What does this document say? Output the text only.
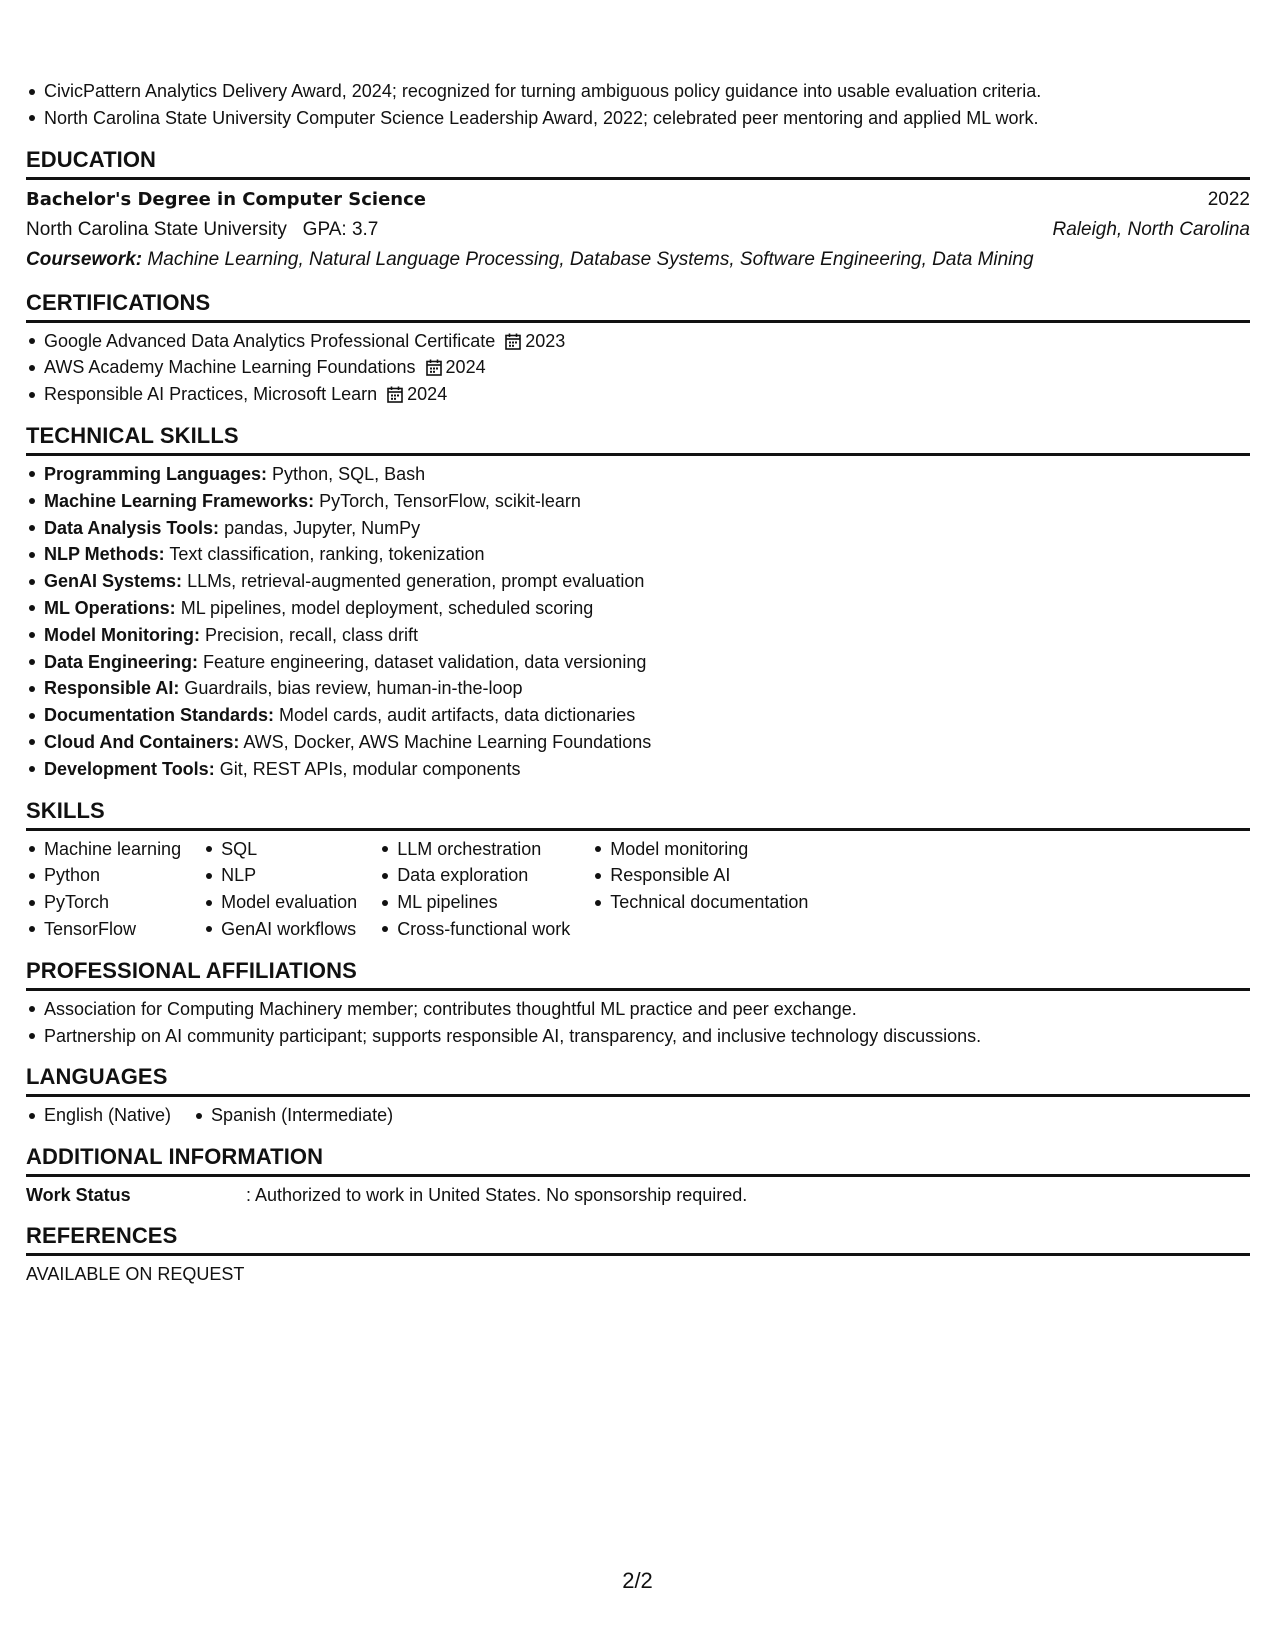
CivicPattern Analytics Delivery Award, 2024; recognized for turning ambiguous policy guidance into usable evaluation criteria.
North Carolina State University Computer Science Leadership Award, 2022; celebrated peer mentoring and applied ML work.
EDUCATION
Bachelor's Degree in Computer Science	2022
North Carolina State University GPA: 3.7	Raleigh, North Carolina
Coursework: Machine Learning, Natural Language Processing, Database Systems, Software Engineering, Data Mining
CERTIFICATIONS
Google Advanced Data Analytics Professional Certificate 2023
AWS Academy Machine Learning Foundations 2024
Responsible AI Practices, Microsoft Learn 2024
TECHNICAL SKILLS
Programming Languages: Python, SQL, Bash
Machine Learning Frameworks: PyTorch, TensorFlow, scikit-learn
Data Analysis Tools: pandas, Jupyter, NumPy
NLP Methods: Text classification, ranking, tokenization
GenAI Systems: LLMs, retrieval-augmented generation, prompt evaluation
ML Operations: ML pipelines, model deployment, scheduled scoring
Model Monitoring: Precision, recall, class drift
Data Engineering: Feature engineering, dataset validation, data versioning
Responsible AI: Guardrails, bias review, human-in-the-loop
Documentation Standards: Model cards, audit artifacts, data dictionaries
Cloud And Containers: AWS, Docker, AWS Machine Learning Foundations
Development Tools: Git, REST APIs, modular components
SKILLS
Machine learning
Python
PyTorch
TensorFlow
SQL
NLP
Model evaluation
GenAI workflows
LLM orchestration
Data exploration
ML pipelines
Cross-functional work
Model monitoring
Responsible AI
Technical documentation
PROFESSIONAL AFFILIATIONS
Association for Computing Machinery member; contributes thoughtful ML practice and peer exchange.
Partnership on AI community participant; supports responsible AI, transparency, and inclusive technology discussions.
LANGUAGES
English (Native)	Spanish (Intermediate)
ADDITIONAL INFORMATION
Work Status	: Authorized to work in United States. No sponsorship required.
REFERENCES
AVAILABLE ON REQUEST
2/2
